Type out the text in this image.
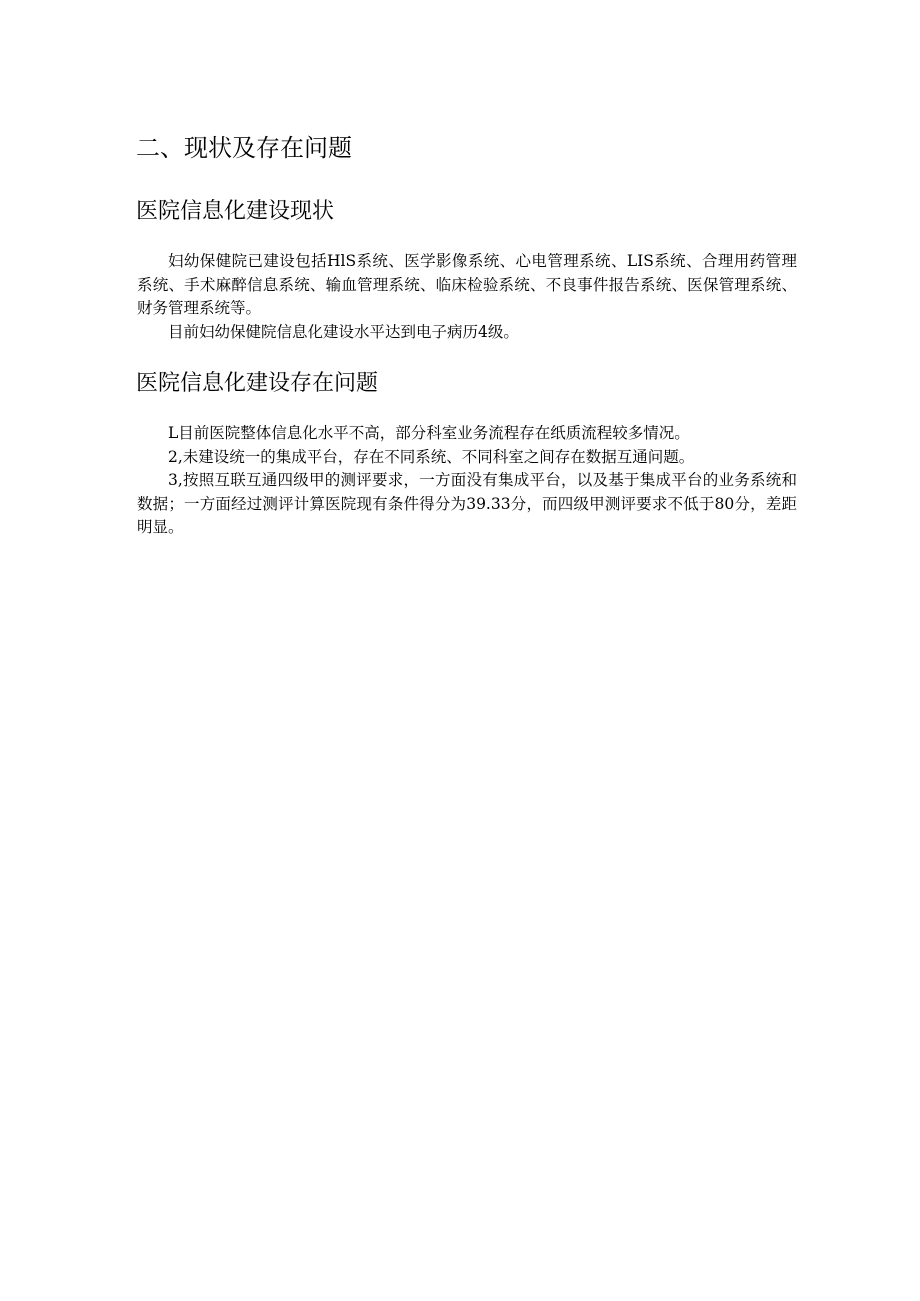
二、现状及存在问题
医院信息化建设现状

妇幼保健院已建设包括HlS系统、医学影像系统、心电管理系统、LIS系统、合理用药管理系统、手术麻醉信息系统、输血管理系统、临床检验系统、不良事件报告系统、医保管理系统、财务管理系统等。

目前妇幼保健院信息化建设水平达到电子病历4级。

医院信息化建设存在问题

L目前医院整体信息化水平不高，部分科室业务流程存在纸质流程较多情况。

2,未建设统一的集成平台，存在不同系统、不同科室之间存在数据互通问题。

3,按照互联互通四级甲的测评要求，一方面没有集成平台，以及基于集成平台的业务系统和数据；一方面经过测评计算医院现有条件得分为39.33分，而四级甲测评要求不低于80分，差距明显。
